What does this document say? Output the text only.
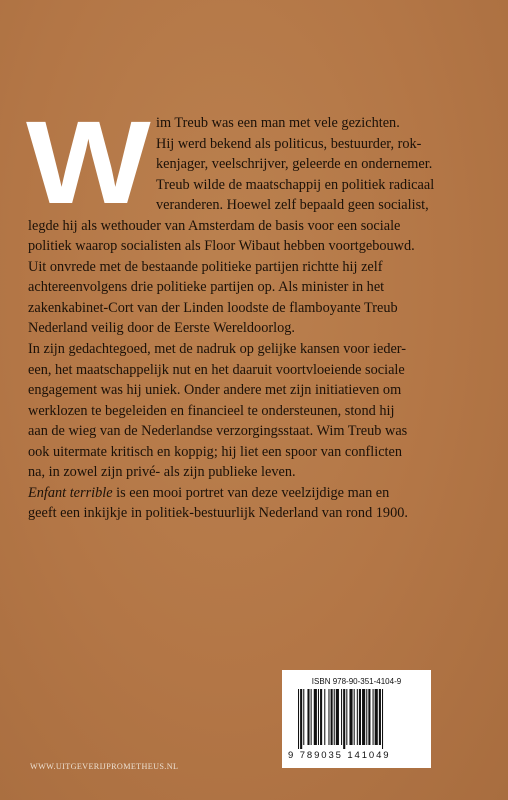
W im Treub was een man met vele gezichten.
Hij werd bekend als politicus, bestuurder, rok-
kenjager, veelschrijver, geleerde en ondernemer.
Treub wilde de maatschappij en politiek radicaal
veranderen. Hoewel zelf bepaald geen socialist,
legde hij als wethouder van Amsterdam de basis voor een sociale
politiek waarop socialisten als Floor Wibaut hebben voortgebouwd.
Uit onvrede met de bestaande politieke partijen richtte hij zelf
achtereenvolgens drie politieke partijen op. Als minister in het
zakenkabinet-Cort van der Linden loodste de flamboyante Treub
Nederland veilig door de Eerste Wereldoorlog.
In zijn gedachtegoed, met de nadruk op gelijke kansen voor ieder-
een, het maatschappelijk nut en het daaruit voortvloeiende sociale
engagement was hij uniek. Onder andere met zijn initiatieven om
werklozen te begeleiden en financieel te ondersteunen, stond hij
aan de wieg van de Nederlandse verzorgingsstaat. Wim Treub was
ook uitermate kritisch en koppig; hij liet een spoor van conflicten
na, in zowel zijn privé- als zijn publieke leven.
Enfant terrible is een mooi portret van deze veelzijdige man en
geeft een inkijkje in politiek-bestuurlijk Nederland van rond 1900.
WWW.UITGEVERIJPROMETHEUS.NL
ISBN 978-90-351-4104-9
9 789035 141049
